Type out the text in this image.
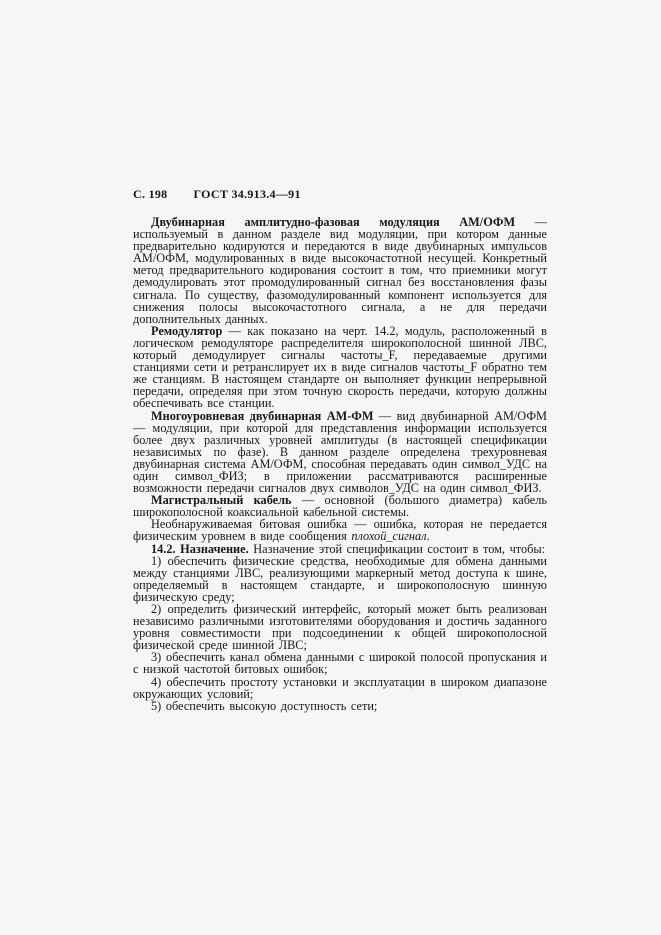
С. 198 ГОСТ 34.913.4—91

Двубинарная амплитудно-фазовая модуляция АМ/ОФМ — используемый в данном разделе вид модуляции, при котором данные предварительно кодируются и передаются в виде двубинарных импульсов АМ/ОФМ, модулированных в виде высокочастотной несущей. Конкретный метод предварительного кодирования состоит в том, что приемники могут демодулировать этот промодулированный сигнал без восстановления фазы сигнала. По существу, фазомодулированный компонент используется для снижения полосы высокочастотного сигнала, а не для передачи дополнительных данных.

Ремодулятор — как показано на черт. 14.2, модуль, расположенный в логическом ремодуляторе распределителя широкополосной шинной ЛВС, который демодулирует сигналы частоты_F, передаваемые другими станциями сети и ретранслирует их в виде сигналов частоты_F обратно тем же станциям. В настоящем стандарте он выполняет функции непрерывной передачи, определяя при этом точную скорость передачи, которую должны обеспечивать все станции.

Многоуровневая двубинарная АМ-ФМ — вид двубинарной АМ/ОФМ — модуляции, при которой для представления информации используется более двух различных уровней амплитуды (в настоящей спецификации независимых по фазе). В данном разделе определена трехуровневая двубинарная система АМ/ОФМ, способная передавать один символ_УДС на один символ_ФИЗ; в приложении рассматриваются расширенные возможности передачи сигналов двух символов_УДС на один символ_ФИЗ.

Магистральный кабель — основной (большого диаметра) кабель широкополосной коаксиальной кабельной системы.

Необнаруживаемая битовая ошибка — ошибка, которая не передается физическим уровнем в виде сообщения плохой_сигнал.

14.2. Назначение. Назначение этой спецификации состоит в том, чтобы:

1) обеспечить физические средства, необходимые для обмена данными между станциями ЛВС, реализующими маркерный метод доступа к шине, определяемый в настоящем стандарте, и широкополосную шинную физическую среду;

2) определить физический интерфейс, который может быть реализован независимо различными изготовителями оборудования и достичь заданного уровня совместимости при подсоединении к общей широкополосной физической среде шинной ЛВС;

3) обеспечить канал обмена данными с широкой полосой пропускания и с низкой частотой битовых ошибок;

4) обеспечить простоту установки и эксплуатации в широком диапазоне окружающих условий;

5) обеспечить высокую доступность сети;
